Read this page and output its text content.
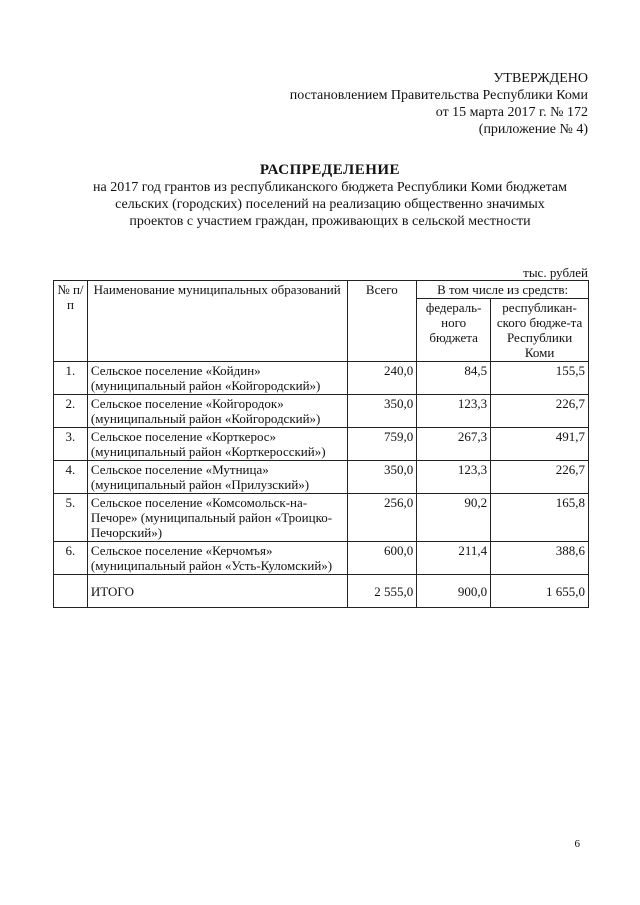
УТВЕРЖДЕНО
постановлением Правительства Республики Коми
от 15 марта 2017 г. № 172
(приложение № 4)
РАСПРЕДЕЛЕНИЕ
на 2017 год грантов из республиканского бюджета Республики Коми бюджетам сельских (городских) поселений на реализацию общественно значимых проектов с участием граждан, проживающих в сельской местности
тыс. рублей
№ п/п	Наименование муниципальных образований	Всего	В том числе из средств:	
			федераль-ного бюджета	республикан-ского бюдже-та Республики Коми
1.	Сельское поселение «Койдин» (муниципальный район «Койгородский»)	240,0	84,5	155,5
2.	Сельское поселение «Койгородок» (муниципальный район «Койгородский»)	350,0	123,3	226,7
3.	Сельское поселение «Корткерос» (муниципальный район «Корткеросский»)	759,0	267,3	491,7
4.	Сельское поселение «Мутница» (муниципальный район «Прилузский»)	350,0	123,3	226,7
5.	Сельское поселение «Комсомольск-на-Печоре» (муниципальный район «Троицко-Печорский»)	256,0	90,2	165,8
6.	Сельское поселение «Керчомъя» (муниципальный район «Усть-Куломский»)	600,0	211,4	388,6
	ИТОГО	2 555,0	900,0	1 655,0
6
